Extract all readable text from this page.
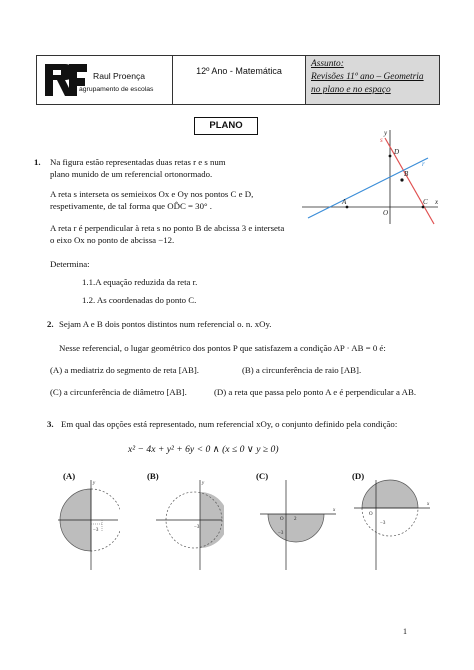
Raul Proença
agrupamento de escolas
12º Ano - Matemática
Assunto:
Revisões 11º ano – Geometria
no plano e no espaço
PLANO
1. Na figura estão representadas duas retas r e s num
plano munido de um referencial ortonormado.
A reta s interseta os semieixos Ox e Oy nos pontos C e D,
respetivamente, de tal forma que OD̂C = 30° .
A reta r é perpendicular à reta s no ponto B de abcissa 3 e interseta
o eixo Ox no ponto de abcissa −12.
Determina:
1.1.A equação reduzida da reta r.
1.2. As coordenadas do ponto C.
y
x
s
r
D
B
A
O
C
2. Sejam A e B dois pontos distintos num referencial o. n. xOy.
Nesse referencial, o lugar geométrico dos pontos P que satisfazem a condição AP · AB = 0 é:
(A) a mediatriz do segmento de reta [AB].	(B) a circunferência de raio [AB].
(C) a circunferência de diâmetro [AB].	(D) a reta que passa pelo ponto A e é perpendicular a AB.
3. Em qual das opções está representado, num referencial xOy, o conjunto definido pela condição:
x² − 4x + y² + 6y < 0 ∧ (x ≤ 0 ∨ y ≥ 0)
(A)	(B)	(C)	(D)
−3
y	y
−3
O 2
−3
x
O
−3
x
1
